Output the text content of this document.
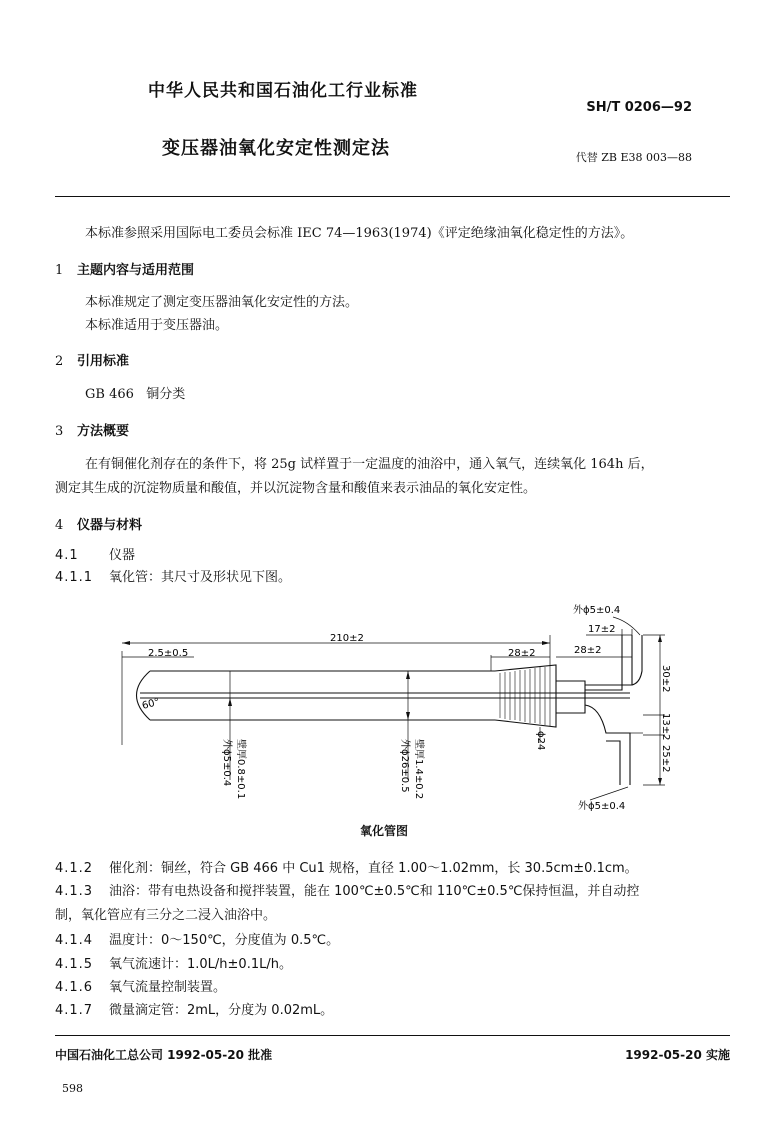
中华人民共和国石油化工行业标准
SH/T 0206—92
变压器油氧化安定性测定法	代替 ZB E38 003—88
本标准参照采用国际电工委员会标准 IEC 74—1963(1974)《评定绝缘油氧化稳定性的方法》。
1 主题内容与适用范围
本标准规定了测定变压器油氧化安定性的方法。
本标准适用于变压器油。
2 引用标准
GB 466 铜分类
3 方法概要
在有铜催化剂存在的条件下，将 25g 试样置于一定温度的油浴中，通入氧气，连续氧化 164h 后，
测定其生成的沉淀物质量和酸值，并以沉淀物含量和酸值来表示油品的氧化安定性。
4 仪器与材料
4.1 仪器
4.1.1 氧化管：其尺寸及形状见下图。
210±2
2.5±0.5	28±2	28±2
17±2
外ϕ5±0.4
外ϕ5±0.4
30±2
13±2
25±2
ϕ24
60°
外ϕ5±0.4 壁厚0.8±0.1	外ϕ26±0.5 壁厚1.4±0.2
氧化管图
4.1.2 催化剂：铜丝，符合 GB 466 中 Cu1 规格，直径 1.00～1.02mm，长 30.5cm±0.1cm。
4.1.3 油浴：带有电热设备和搅拌装置，能在 100℃±0.5℃和 110℃±0.5℃保持恒温，并自动控
制，氧化管应有三分之二浸入油浴中。
4.1.4 温度计：0～150℃，分度值为 0.5℃。
4.1.5 氧气流速计：1.0L/h±0.1L/h。
4.1.6 氧气流量控制装置。
4.1.7 微量滴定管：2mL，分度为 0.02mL。
中国石油化工总公司 1992-05-20 批准	1992-05-20 实施
598
